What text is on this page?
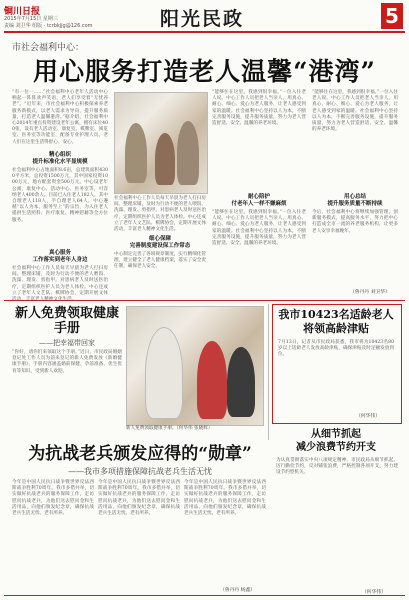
铜川日报
2015年7月15日 星期三
责编 刘卫华 组版 · tcrbkjjg@126.com	阳光民政	5
市社会福利中心：
用心服务打造老人温馨“港湾”
“有一位一……”社会福利中心老年人活动中心响起一阵阵欢声笑语，老人们享受着“无忧养老”。“近年来，市社会福利中心积极探索养老服务新模式，以老人需求为导向，提升服务质量，打造老人温馨港湾。”据介绍，社会福利中心2014年重点投资建设老年公寓，拥有床位400张，设有老人活动室、康复室、棋牌室、阅览室、医务室等功能室，配备专业护理人员。老人们在这里生活得舒心、安心。
精心组织
提升标准化水平显规模
社会福利中心占地面积8.6亩，总建筑面积4300平方米，总投资1500万元，其中国家投资1000万元，地方配套资金500万元。中心设老年公寓、康复中心、活动中心、医务室等，可容纳老人400余人。目前已入住老人182人，其中自理老人118人，半自理老人64人。中心遵循“以人为本、服务至上”的宗旨，为入住老人提供生活照料、医疗康复、精神慰藉等全方位服务。
真心服务
工作落实到老年人身边
社会福利中心工作人员每天早晨为老人打扫房间、整理床铺，及时为行动不便的老人喂饭、洗澡、理发、剪指甲。对患病老人及时送医治疗，定期组织医护人员为老人体检。中心还成立了老年人文艺队、棋牌协会，定期开展文体
社会福利中心工作人员每天早晨为老人打扫房间、整理床铺，及时为行动不便的老人喂饭、洗澡、理发、剪指甲。对患病老人及时送医治疗，定期组织医护人员为老人体检。中心还成立了老年人文艺队、棋牌协会，定期开展文体活动，丰富老人精神文化生活。
细心保障
完善制度建设保工作常态
中心制定完善了各项规章制度，实行精细化管理，建立健全了老人健康档案，落实了安全责任制，确保老人安全。
“能够住在这里，我感到很幸福。”一位入住老人说。中心工作人员把老人当亲人，用真心、耐心、细心、爱心为老人服务，让老人感受到家的温暖。社会福利中心坚持以人为本，不断完善服务设施，提升服务质量，努力为老人营造舒适、安全、温馨的养老环境。
耐心陪护
付老年人一样不嫌麻烦
“能够住在这里，我感到很幸福。”一位入住老人说。中心工作人员把老人当亲人，用真心、耐心、细心、爱心为老人服务，让老人感受到家的温暖。社会福利中心坚持以人为本，不断完善服务设施，提升服务质量，努力为老人营造舒适、安全、温馨的养老环境。
“能够住在这里，我感到很幸福。”一位入住老人说。中心工作人员把老人当亲人，用真心、耐心、细心、爱心为老人服务，让老人感受到家的温暖。社会福利中心坚持以人为本，不断完善服务设施，提升服务质量，努力为老人营造舒适、安全、温馨的养老环境。
用心总结
提升服务质量不断持续
今后，社会福利中心将继续加强管理，创新服务模式，提高服务水平，努力把中心打造成全市一流的养老服务机构，让更多老人安享幸福晚年。
（鲁丹丹 刘卫华）
新人免费领取健康手册
——把幸福带回家
“你好，请你们来领取这个手册。”近日，市民政局婚姻登记处工作人员为前来登记的新人免费发放《新婚健康手册》，手册内容涵盖婚前保健、孕前准备、优生优育等知识，受到新人欢迎。
新人免费领取健康手册。（何华伟 张晓辉）
我市10423名适龄老人将领高龄津贴
7月13日，记者从市民政局获悉，我市将为10423名80岁以上适龄老人发放高龄津贴，确保津贴及时足额发放到位。
（何华伟）
从细节抓起
减少浪费节约开支
为认真贯彻落实中央八项规定精神，市民政局从细节抓起，厉行勤俭节约，反对铺张浪费，严格控制各项开支，努力建设节约型机关。
（何华伟）
为抗战老兵颁发应得的“勋章”
——我市多项措施保障抗战老兵生活无忧
今年是中国人民抗日战争暨世界反法西斯战争胜利70周年。我市多措并举，切实做好抗战老兵的服务保障工作，走访慰问抗战老兵，为他们送去慰问金和生活用品，向他们颁发纪念章，确保抗战老兵生活无忧、老有所养。
今年是中国人民抗日战争暨世界反法西斯战争胜利70周年。我市多措并举，切实做好抗战老兵的服务保障工作，走访慰问抗战老兵，为他们送去慰问金和生活用品，向他们颁发纪念章，确保抗战老兵生活无忧、老有所养。
今年是中国人民抗日战争暨世界反法西斯战争胜利70周年。我市多措并举，切实做好抗战老兵的服务保障工作，走访慰问抗战老兵，为他们送去慰问金和生活用品，向他们颁发纪念章，确保抗战老兵生活无忧、老有所养。
（鲁丹丹 杨鑫）
